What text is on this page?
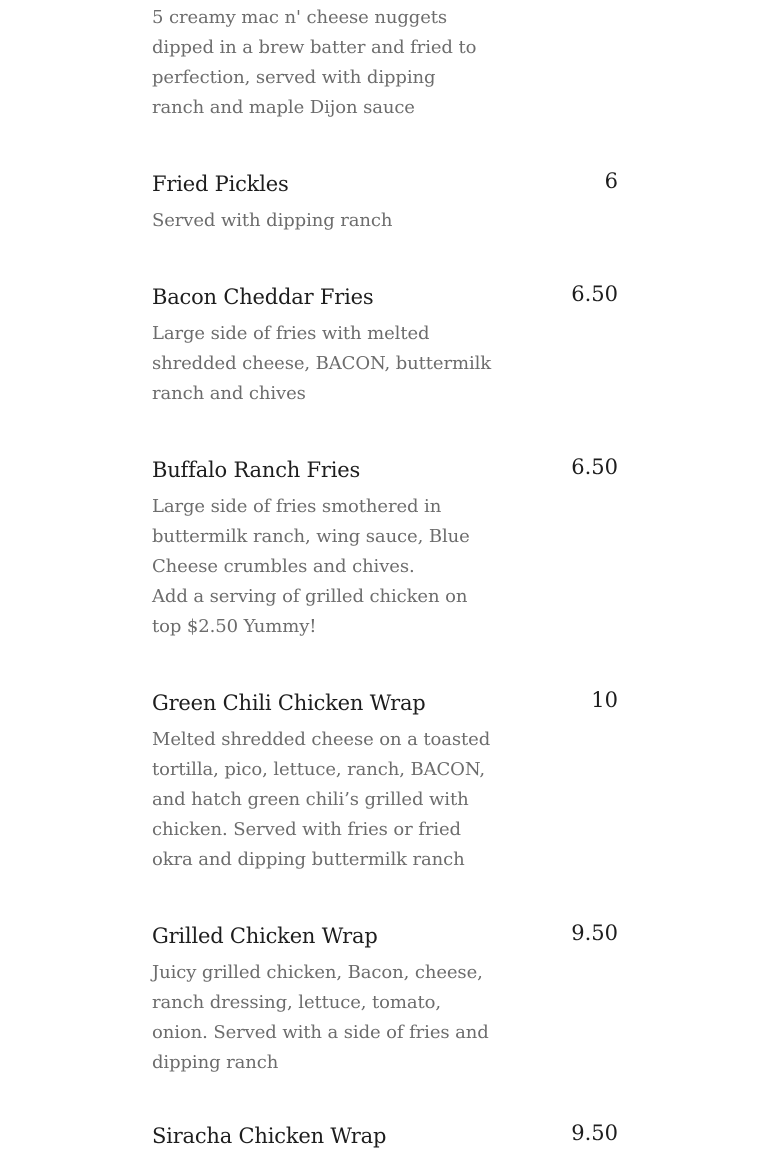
5 creamy mac n' cheese nuggets dipped in a brew batter and fried to perfection, served with dipping ranch and maple Dijon sauce
Fried Pickles	6
Served with dipping ranch
Bacon Cheddar Fries	6.50
Large side of fries with melted shredded cheese, BACON, buttermilk ranch and chives
Buffalo Ranch Fries	6.50
Large side of fries smothered in buttermilk ranch, wing sauce, Blue Cheese crumbles and chives.
Add a serving of grilled chicken on top $2.50 Yummy!
Green Chili Chicken Wrap	10
Melted shredded cheese on a toasted tortilla, pico, lettuce, ranch, BACON, and hatch green chili’s grilled with chicken. Served with fries or fried okra and dipping buttermilk ranch
Grilled Chicken Wrap	9.50
Juicy grilled chicken, Bacon, cheese, ranch dressing, lettuce, tomato, onion. Served with a side of fries and dipping ranch
Siracha Chicken Wrap	9.50
